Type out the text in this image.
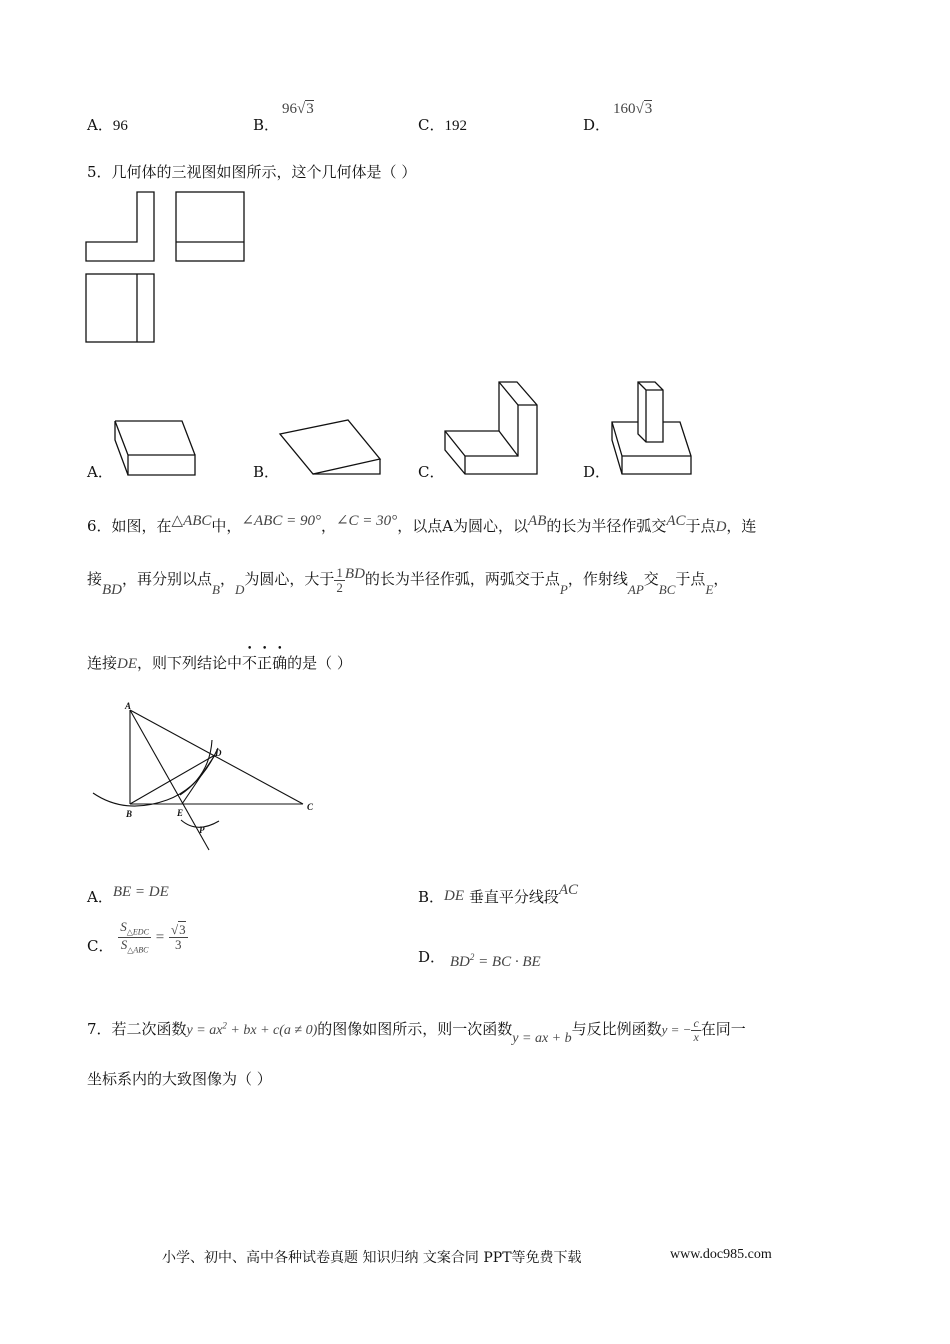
A．96	B．
96√3
C．192	D．
160√3
5．几何体的三视图如图所示，这个几何体是（ ）
A．	B．	C．	D．
6．如图，在△ABC中，∠ABC = 90°，∠C = 30°，以点A为圆心，以AB的长为半径作弧交AC于点D，连
接BD，再分别以点B，D为圆心，大于 $\frac{1}{2}$ BD的长为半径作弧，两弧交于点P，作射线AP交BC于点E，
连接DE，则下列结论中不正确的是（ ）
A
B
C
D
E
P
A．BE = DE	B．DE 垂直平分线段AC
C． $\frac{S_{\triangle EDC}}{S_{\triangle ABC}} = \frac{√3}{3}$
D． $BD^2$ = BC · BE
7．若二次函数$y = ax^2$ + bx + c(a ≠ 0)的图像如图所示，则一次函数y = ax + b与反比例函数y = − $\frac{c}{x}$ 在同一
坐标系内的大致图像为（ ）
小学、初中、高中各种试卷真题 知识归纳 文案合同 PPT等免费下载	www.doc985.com
